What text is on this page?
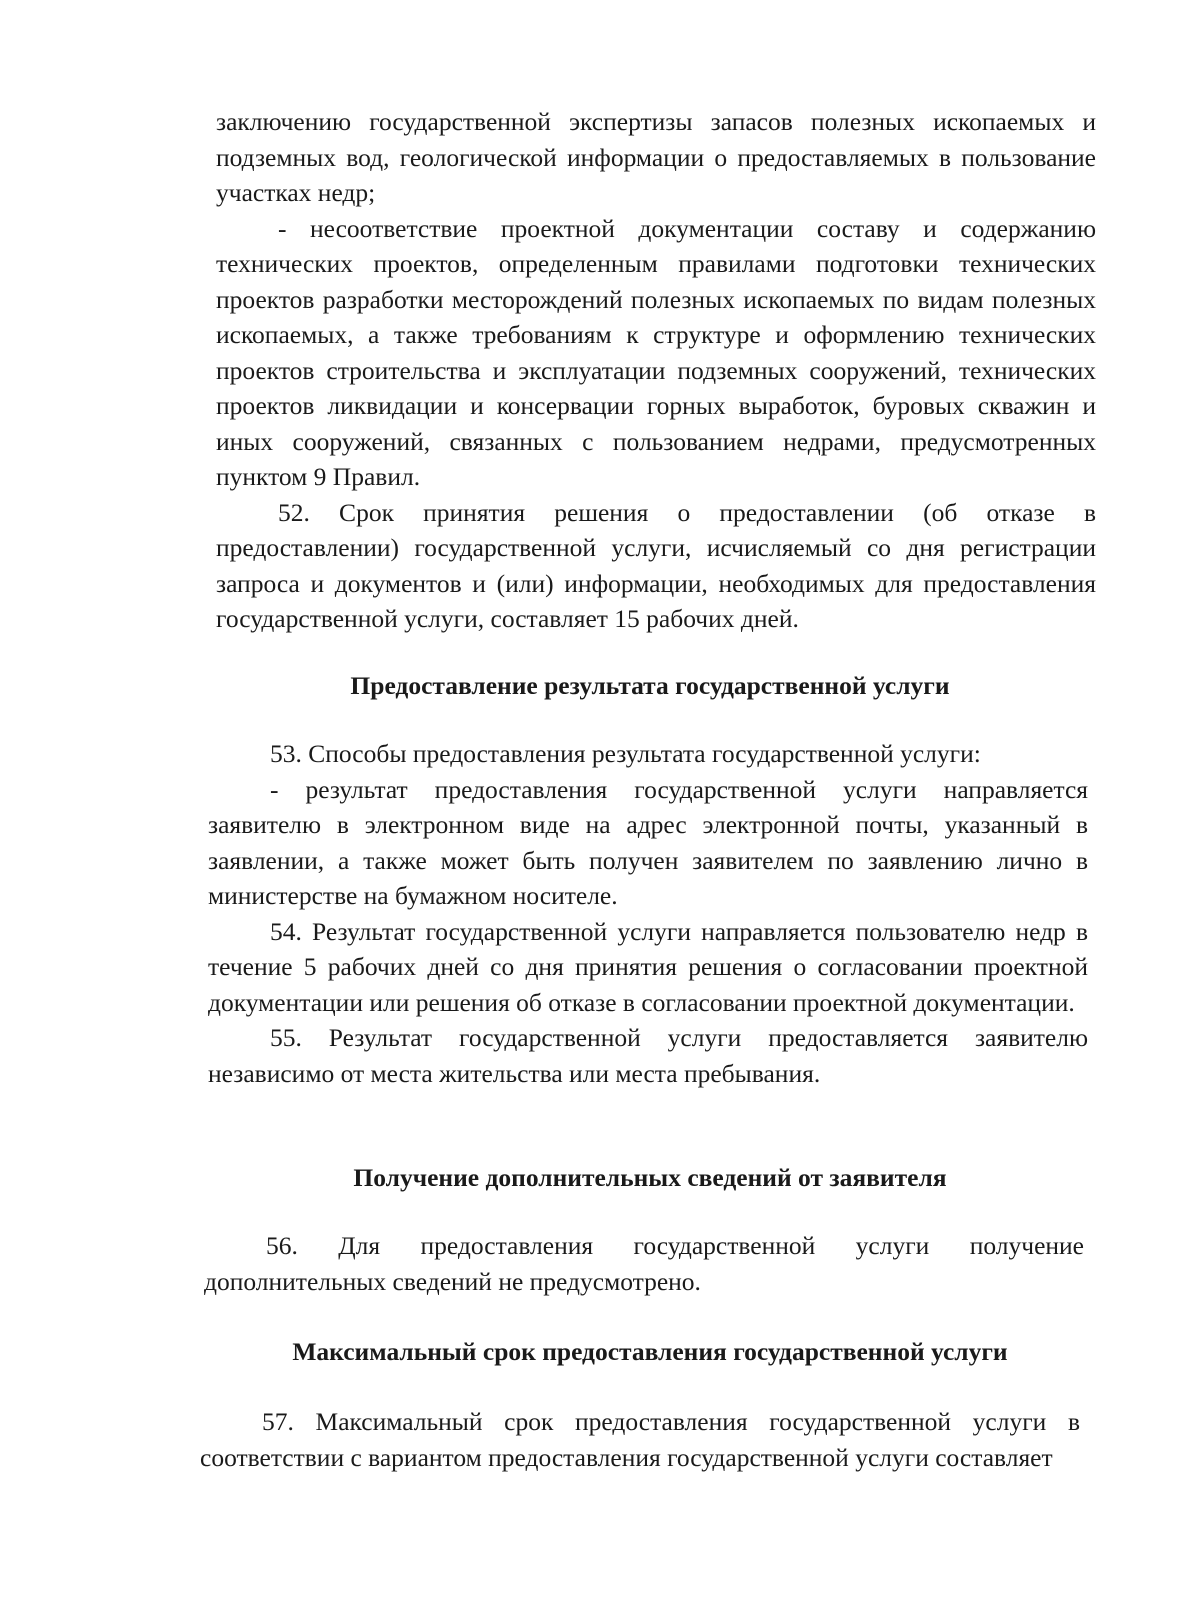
заключению государственной экспертизы запасов полезных ископаемых и подземных вод, геологической информации о предоставляемых в пользование участках недр;

- несоответствие проектной документации составу и содержанию технических проектов, определенным правилами подготовки технических проектов разработки месторождений полезных ископаемых по видам полезных ископаемых, а также требованиям к структуре и оформлению технических проектов строительства и эксплуатации подземных сооружений, технических проектов ликвидации и консервации горных выработок, буровых скважин и иных сооружений, связанных с пользованием недрами, предусмотренных пунктом 9 Правил.

52. Срок принятия решения о предоставлении (об отказе в предоставлении) государственной услуги, исчисляемый со дня регистрации запроса и документов и (или) информации, необходимых для предоставления государственной услуги, составляет 15 рабочих дней.

Предоставление результата государственной услуги

53. Способы предоставления результата государственной услуги:

- результат предоставления государственной услуги направляется заявителю в электронном виде на адрес электронной почты, указанный в заявлении, а также может быть получен заявителем по заявлению лично в министерстве на бумажном носителе.

54. Результат государственной услуги направляется пользователю недр в течение 5 рабочих дней со дня принятия решения о согласовании проектной документации или решения об отказе в согласовании проектной документации.

55. Результат государственной услуги предоставляется заявителю независимо от места жительства или места пребывания.

Получение дополнительных сведений от заявителя

56. Для предоставления государственной услуги получение дополнительных сведений не предусмотрено.

Максимальный срок предоставления государственной услуги

57. Максимальный срок предоставления государственной услуги в соответствии с вариантом предоставления государственной услуги составляет
